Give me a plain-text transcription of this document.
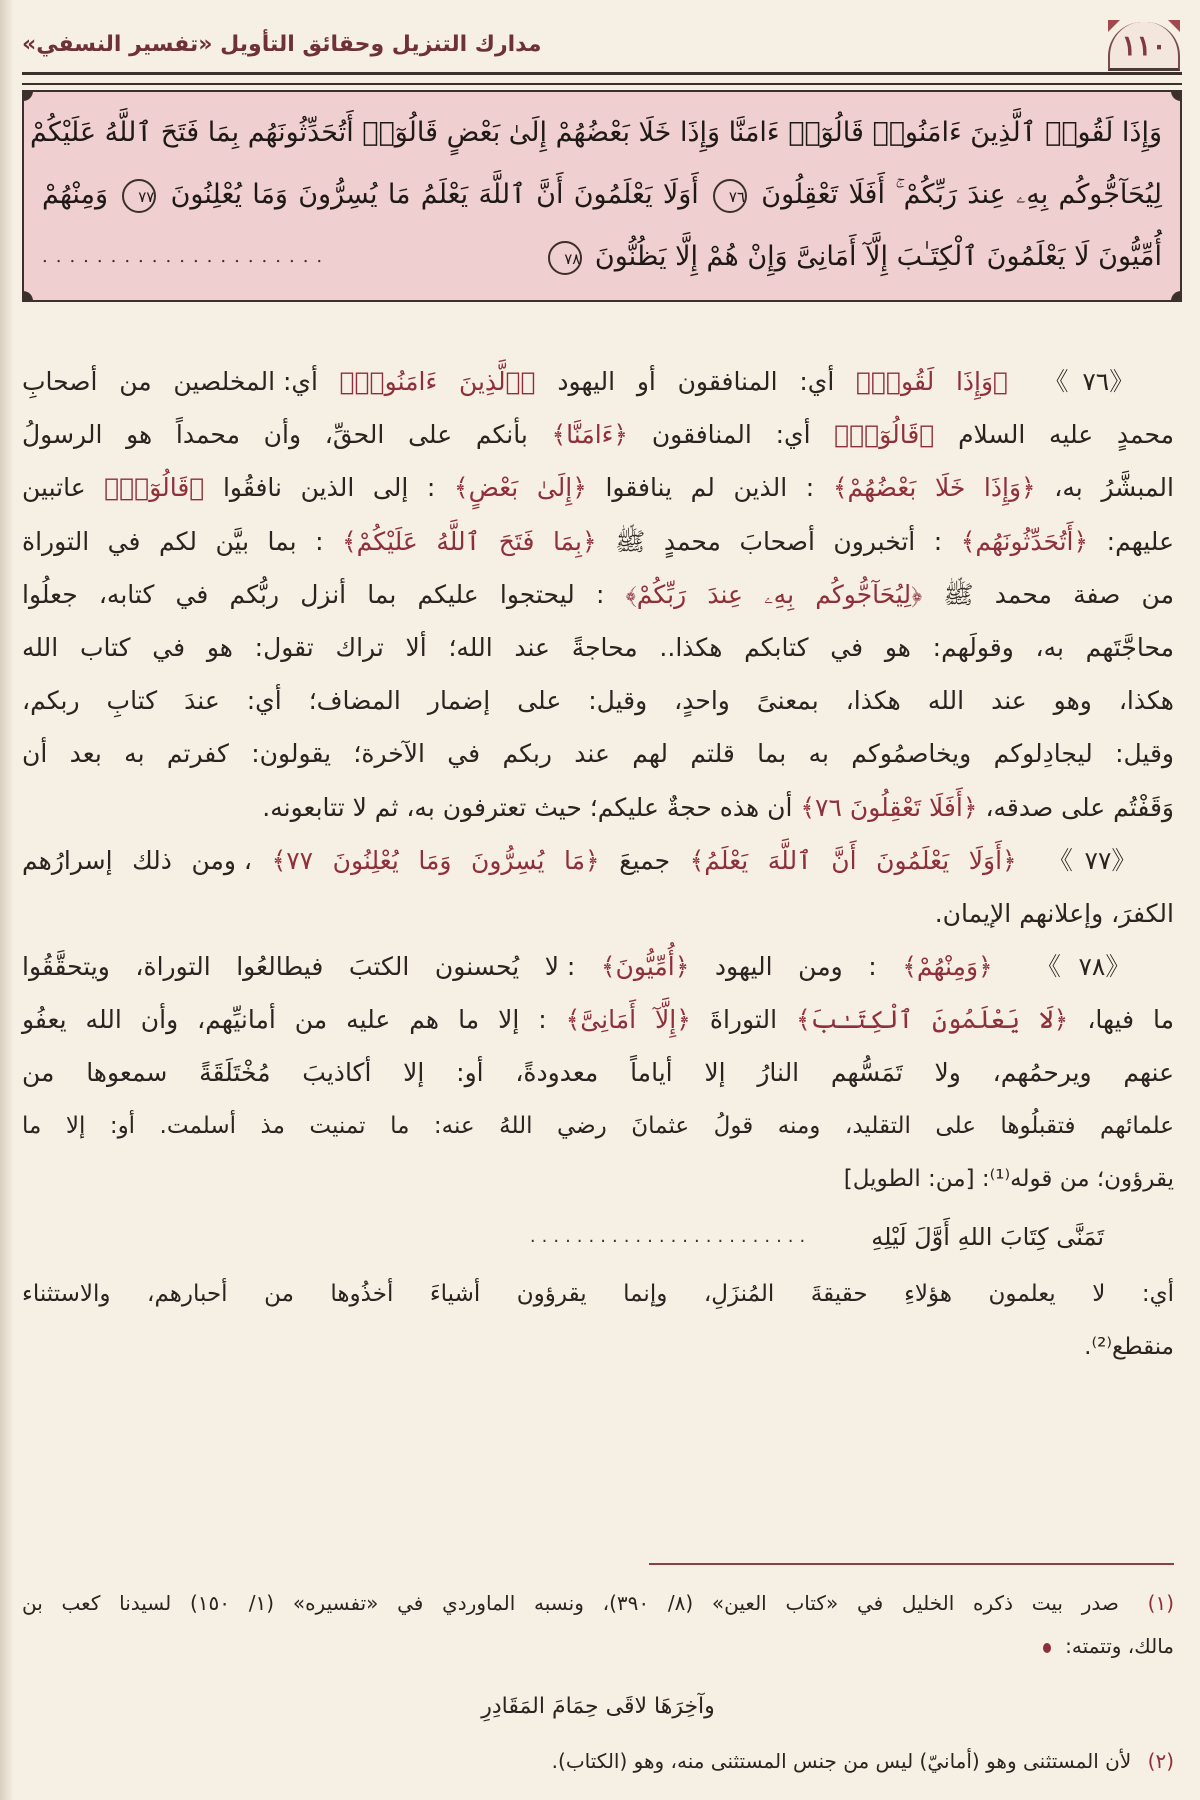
مدارك التنزيل وحقائق التأويل «تفسير النسفي»	١١٠
وَإِذَا لَقُوا۟ ٱلَّذِينَ ءَامَنُوا۟ قَالُوٓا۟ ءَامَنَّا وَإِذَا خَلَا بَعْضُهُمْ إِلَىٰ بَعْضٍ قَالُوٓا۟ أَتُحَدِّثُونَهُم بِمَا فَتَحَ ٱللَّهُ عَلَيْكُمْ
لِيُحَآجُّوكُم بِهِۦ عِندَ رَبِّكُمْ ۚ أَفَلَا تَعْقِلُونَ ٧٦ أَوَلَا يَعْلَمُونَ أَنَّ ٱللَّهَ يَعْلَمُ مَا يُسِرُّونَ وَمَا يُعْلِنُونَ ٧٧ وَمِنْهُمْ
أُمِّيُّونَ لَا يَعْلَمُونَ ٱلْكِتَـٰبَ إِلَّآ أَمَانِىَّ وَإِنْ هُمْ إِلَّا يَظُنُّونَ ٧٨
.....................
《٧٦》 ﴿وَإِذَا لَقُوا۟﴾ أي: المنافقون أو اليهود ﴿ٱلَّذِينَ ءَامَنُوا۟﴾ أي: المخلصين من أصحابِ
محمدٍ عليه السلام ﴿قَالُوٓا۟﴾ أي: المنافقون ﴿ءَامَنَّا﴾ بأنكم على الحقِّ، وأن محمداً هو الرسولُ
المبشَّرُ به، ﴿وَإِذَا خَلَا بَعْضُهُمْ﴾ : الذين لم ينافقوا ﴿إِلَىٰ بَعْضٍ﴾ : إلى الذين نافقُوا ﴿قَالُوٓا۟﴾ عاتبين
عليهم: ﴿أَتُحَدِّثُونَهُم﴾ : أتخبرون أصحابَ محمدٍ ﷺ ﴿بِمَا فَتَحَ ٱللَّهُ عَلَيْكُمْ﴾ : بما بيَّن لكم في التوراة
من صفة محمد ﷺ ﴿لِيُحَآجُّوكُم بِهِۦ عِندَ رَبِّكُمْ﴾ : ليحتجوا عليكم بما أنزل ربُّكم في كتابه، جعلُوا
محاجَّتَهم به، وقولَهم: هو في كتابكم هكذا.. محاجةً عند الله؛ ألا تراك تقول: هو في كتاب الله
هكذا، وهو عند الله هكذا، بمعنىً واحدٍ، وقيل: على إضمار المضاف؛ أي: عندَ كتابِ ربكم،
وقيل: ليجادِلوكم ويخاصمُوكم به بما قلتم لهم عند ربكم في الآخرة؛ يقولون: كفرتم به بعد أن
وَقَفْتُم على صدقه، ﴿أَفَلَا تَعْقِلُونَ ٧٦﴾ أن هذه حجةٌ عليكم؛ حيث تعترفون به، ثم لا تتابعونه.
《٧٧》 ﴿أَوَلَا يَعْلَمُونَ أَنَّ ٱللَّهَ يَعْلَمُ﴾ جميعَ ﴿مَا يُسِرُّونَ وَمَا يُعْلِنُونَ ٧٧﴾ ، ومن ذلك إسرارُهم
الكفرَ، وإعلانهم الإيمان.
《٧٨》 ﴿وَمِنْهُمْ﴾ : ومن اليهود ﴿أُمِّيُّونَ﴾ : لا يُحسنون الكتبَ فيطالعُوا التوراة، ويتحقَّقُوا
ما فيها، ﴿لَا يَعْلَمُونَ ٱلْكِتَـٰبَ﴾ التوراةَ ﴿إِلَّآ أَمَانِىَّ﴾ : إلا ما هم عليه من أمانيِّهم، وأن الله يعفُو
عنهم ويرحمُهم، ولا تَمَسُّهم النارُ إلا أياماً معدودةً، أو: إلا أكاذيبَ مُخْتَلَقَةً سمعوها من
علمائهم فتقبلُوها على التقليد، ومنه قولُ عثمانَ رضي اللهُ عنه: ما تمنيت مذ أسلمت. أو: إلا ما
يقرؤون؛ من قوله⁽¹⁾: [من: الطويل]
تَمَنَّى كِتَابَ اللهِ أَوَّلَ لَيْلِهِ
........................
أي: لا يعلمون هؤلاءِ حقيقةَ المُنزَلِ، وإنما يقرؤون أشياءَ أخذُوها من أحبارهم، والاستثناء
منقطع⁽²⁾.
(١) صدر بيت ذكره الخليل في «كتاب العين» (٨/ ٣٩٠)، ونسبه الماوردي في «تفسيره» (١/ ١٥٠) لسيدنا كعب بن
مالك، وتتمته:
وآخِرَهَا لاقَى حِمَامَ المَقَادِرِ
(٢) لأن المستثنى وهو (أمانيّ) ليس من جنس المستثنى منه، وهو (الكتاب).
